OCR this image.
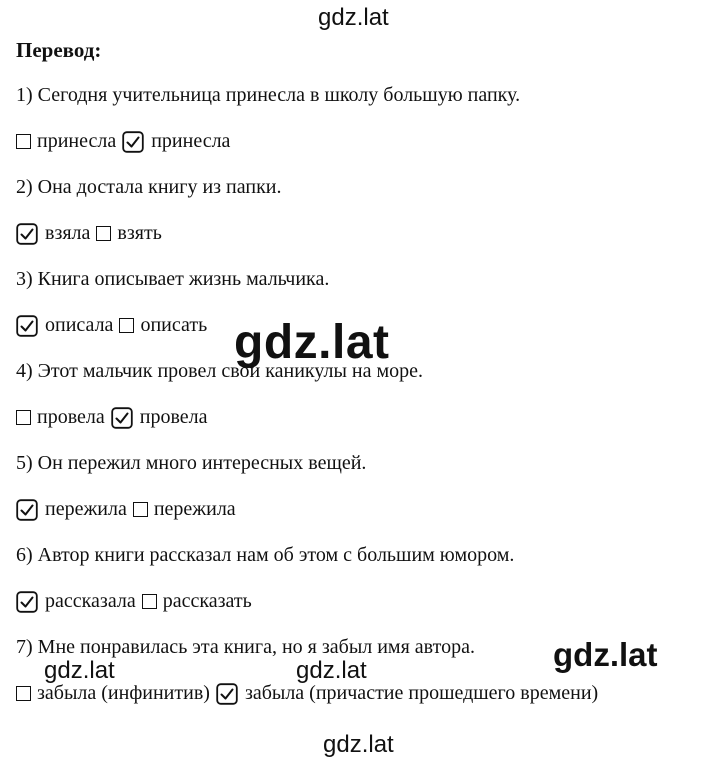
gdz.lat
Перевод:
1) Сегодня учительница принесла в школу большую папку.
принесла принесла
2) Она достала книгу из папки.
взяла взять
3) Книга описывает жизнь мальчика.
описала описать gdz.lat
4) Этот мальчик провел свои каникулы на море.
провела провела
5) Он пережил много интересных вещей.
пережила пережила
6) Автор книги рассказал нам об этом с большим юмором.
рассказала рассказать
7) Мне понравилась эта книга, но я забыл имя автора. gdz.lat
gdz.lat	gdz.lat
забыла (инфинитив) забыла (причастие прошедшего времени)
gdz.lat
